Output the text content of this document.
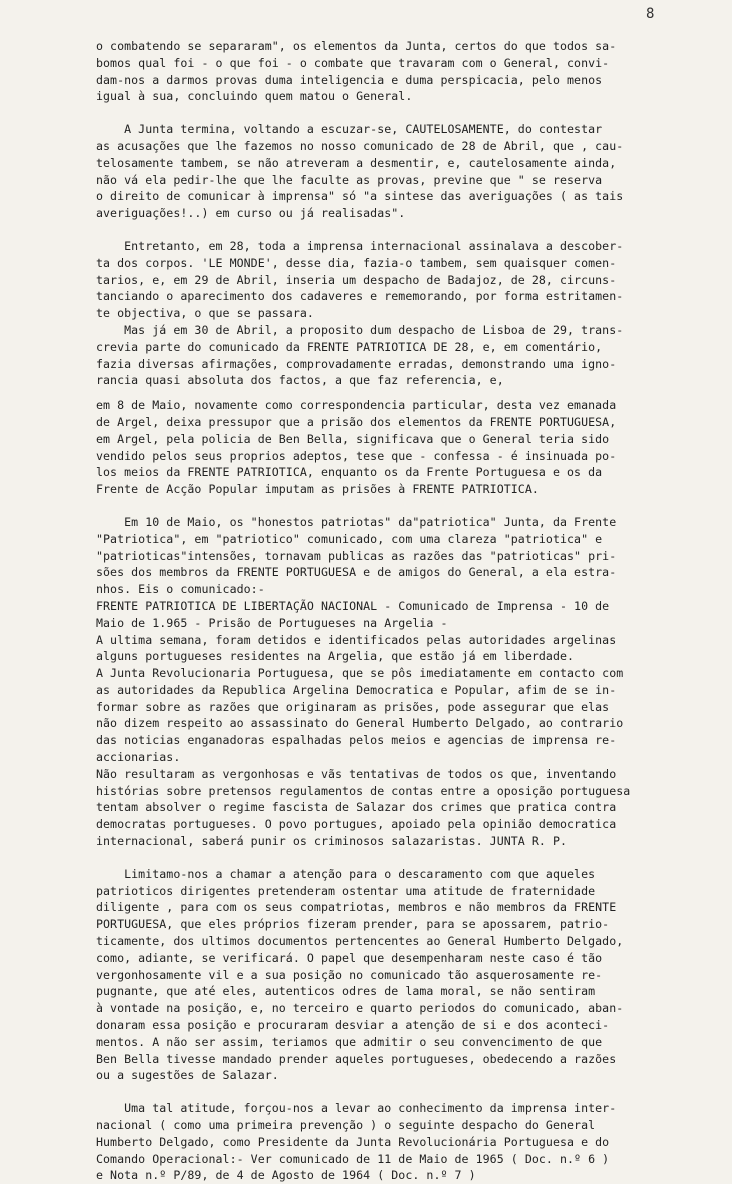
8
o combatendo se separaram", os elementos da Junta, certos do que todos sa-
bomos qual foi - o que foi - o combate que travaram com o General, convi-
dam-nos a darmos provas duma inteligencia e duma perspicacia, pelo menos
igual à sua, concluindo quem matou o General.
A Junta termina, voltando a escuzar-se, CAUTELOSAMENTE, do contestar
as acusações que lhe fazemos no nosso comunicado de 28 de Abril, que , cau-
telosamente tambem, se não atreveram a desmentir, e, cautelosamente ainda,
não vá ela pedir-lhe que lhe faculte as provas, previne que " se reserva
o direito de comunicar à imprensa" só "a sintese das averiguações ( as tais
averiguações!..) em curso ou já realisadas".
Entretanto, em 28, toda a imprensa internacional assinalava a descober-
ta dos corpos. 'LE MONDE', desse dia, fazia-o tambem, sem quaisquer comen-
tarios, e, em 29 de Abril, inseria um despacho de Badajoz, de 28, circuns-
tanciando o aparecimento dos cadaveres e rememorando, por forma estritamen-
te objectiva, o que se passara.
Mas já em 30 de Abril, a proposito dum despacho de Lisboa de 29, trans-
crevia parte do comunicado da FRENTE PATRIOTICA DE 28, e, em comentário,
fazia diversas afirmações, comprovadamente erradas, demonstrando uma igno-
rancia quasi absoluta dos factos, a que faz referencia, e,
em 8 de Maio, novamente como correspondencia particular, desta vez emanada
de Argel, deixa pressupor que a prisão dos elementos da FRENTE PORTUGUESA,
em Argel, pela policia de Ben Bella, significava que o General teria sido
vendido pelos seus proprios adeptos, tese que - confessa - é insinuada po-
los meios da FRENTE PATRIOTICA, enquanto os da Frente Portuguesa e os da
Frente de Acção Popular imputam as prisões à FRENTE PATRIOTICA.
Em 10 de Maio, os "honestos patriotas" da"patriotica" Junta, da Frente
"Patriotica", em "patriotico" comunicado, com uma clareza "patriotica" e
"patrioticas"intensões, tornavam publicas as razões das "patrioticas" pri-
sões dos membros da FRENTE PORTUGUESA e de amigos do General, a ela estra-
nhos. Eis o comunicado:-
FRENTE PATRIOTICA DE LIBERTAÇÃO NACIONAL - Comunicado de Imprensa - 10 de
Maio de 1.965 - Prisão de Portugueses na Argelia -
A ultima semana, foram detidos e identificados pelas autoridades argelinas
alguns portugueses residentes na Argelia, que estão já em liberdade.
A Junta Revolucionaria Portuguesa, que se pôs imediatamente em contacto com
as autoridades da Republica Argelina Democratica e Popular, afim de se in-
formar sobre as razões que originaram as prisões, pode assegurar que elas
não dizem respeito ao assassinato do General Humberto Delgado, ao contrario
das noticias enganadoras espalhadas pelos meios e agencias de imprensa re-
accionarias.
Não resultaram as vergonhosas e vãs tentativas de todos os que, inventando
histórias sobre pretensos regulamentos de contas entre a oposição portuguesa
tentam absolver o regime fascista de Salazar dos crimes que pratica contra
democratas portugueses. O povo portugues, apoiado pela opinião democratica
internacional, saberá punir os criminosos salazaristas. JUNTA R. P.
Limitamo-nos a chamar a atenção para o descaramento com que aqueles
patrioticos dirigentes pretenderam ostentar uma atitude de fraternidade
diligente , para com os seus compatriotas, membros e não membros da FRENTE
PORTUGUESA, que eles próprios fizeram prender, para se apossarem, patrio-
ticamente, dos ultimos documentos pertencentes ao General Humberto Delgado,
como, adiante, se verificará. O papel que desempenharam neste caso é tão
vergonhosamente vil e a sua posição no comunicado tão asquerosamente re-
pugnante, que até eles, autenticos odres de lama moral, se não sentiram
à vontade na posição, e, no terceiro e quarto periodos do comunicado, aban-
donaram essa posição e procuraram desviar a atenção de si e dos aconteci-
mentos. A não ser assim, teriamos que admitir o seu convencimento de que
Ben Bella tivesse mandado prender aqueles portugueses, obedecendo a razões
ou a sugestões de Salazar.
Uma tal atitude, forçou-nos a levar ao conhecimento da imprensa inter-
nacional ( como uma primeira prevenção ) o seguinte despacho do General
Humberto Delgado, como Presidente da Junta Revolucionária Portuguesa e do
Comando Operacional:- Ver comunicado de 11 de Maio de 1965 ( Doc. n.º 6 )
e Nota n.º P/89, de 4 de Agosto de 1964 ( Doc. n.º 7 )
